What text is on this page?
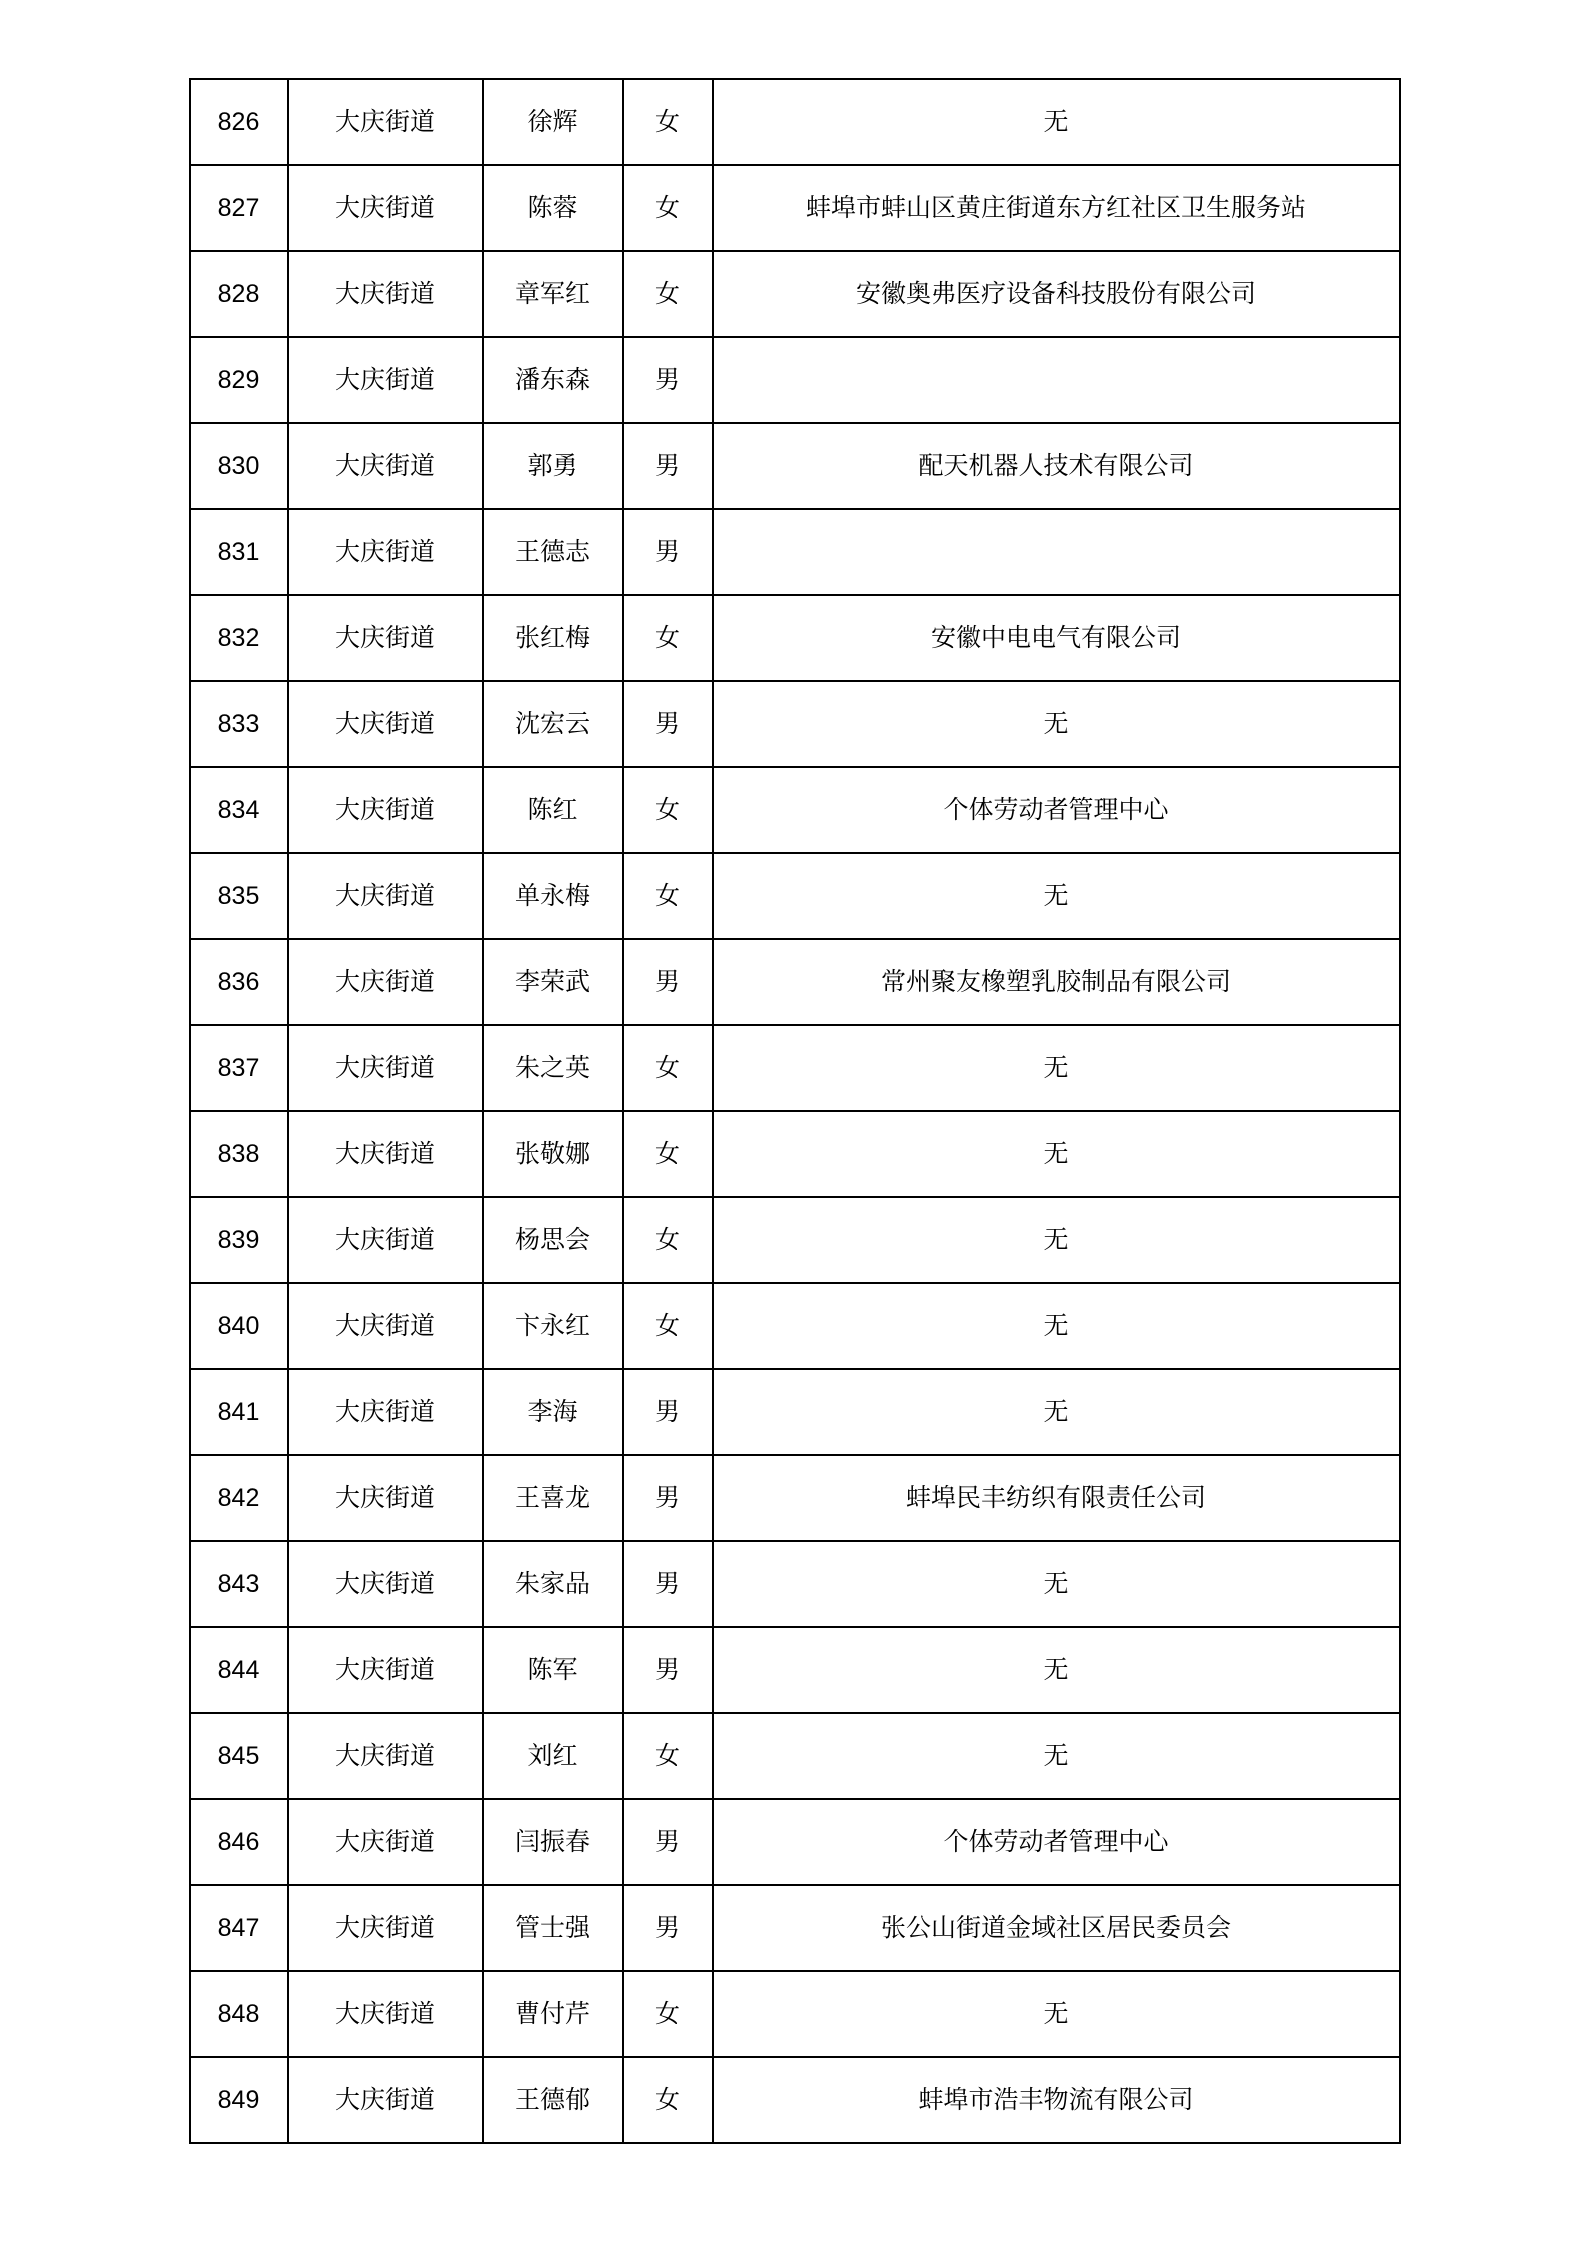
826	大庆街道	徐辉	女	无
827	大庆街道	陈蓉	女	蚌埠市蚌山区黄庄街道东方红社区卫生服务站
828	大庆街道	章军红	女	安徽奥弗医疗设备科技股份有限公司
829	大庆街道	潘东森	男	
830	大庆街道	郭勇	男	配天机器人技术有限公司
831	大庆街道	王德志	男	
832	大庆街道	张红梅	女	安徽中电电气有限公司
833	大庆街道	沈宏云	男	无
834	大庆街道	陈红	女	个体劳动者管理中心
835	大庆街道	单永梅	女	无
836	大庆街道	李荣武	男	常州聚友橡塑乳胶制品有限公司
837	大庆街道	朱之英	女	无
838	大庆街道	张敬娜	女	无
839	大庆街道	杨思会	女	无
840	大庆街道	卞永红	女	无
841	大庆街道	李海	男	无
842	大庆街道	王喜龙	男	蚌埠民丰纺织有限责任公司
843	大庆街道	朱家品	男	无
844	大庆街道	陈军	男	无
845	大庆街道	刘红	女	无
846	大庆街道	闫振春	男	个体劳动者管理中心
847	大庆街道	管士强	男	张公山街道金域社区居民委员会
848	大庆街道	曹付芹	女	无
849	大庆街道	王德郁	女	蚌埠市浩丰物流有限公司
